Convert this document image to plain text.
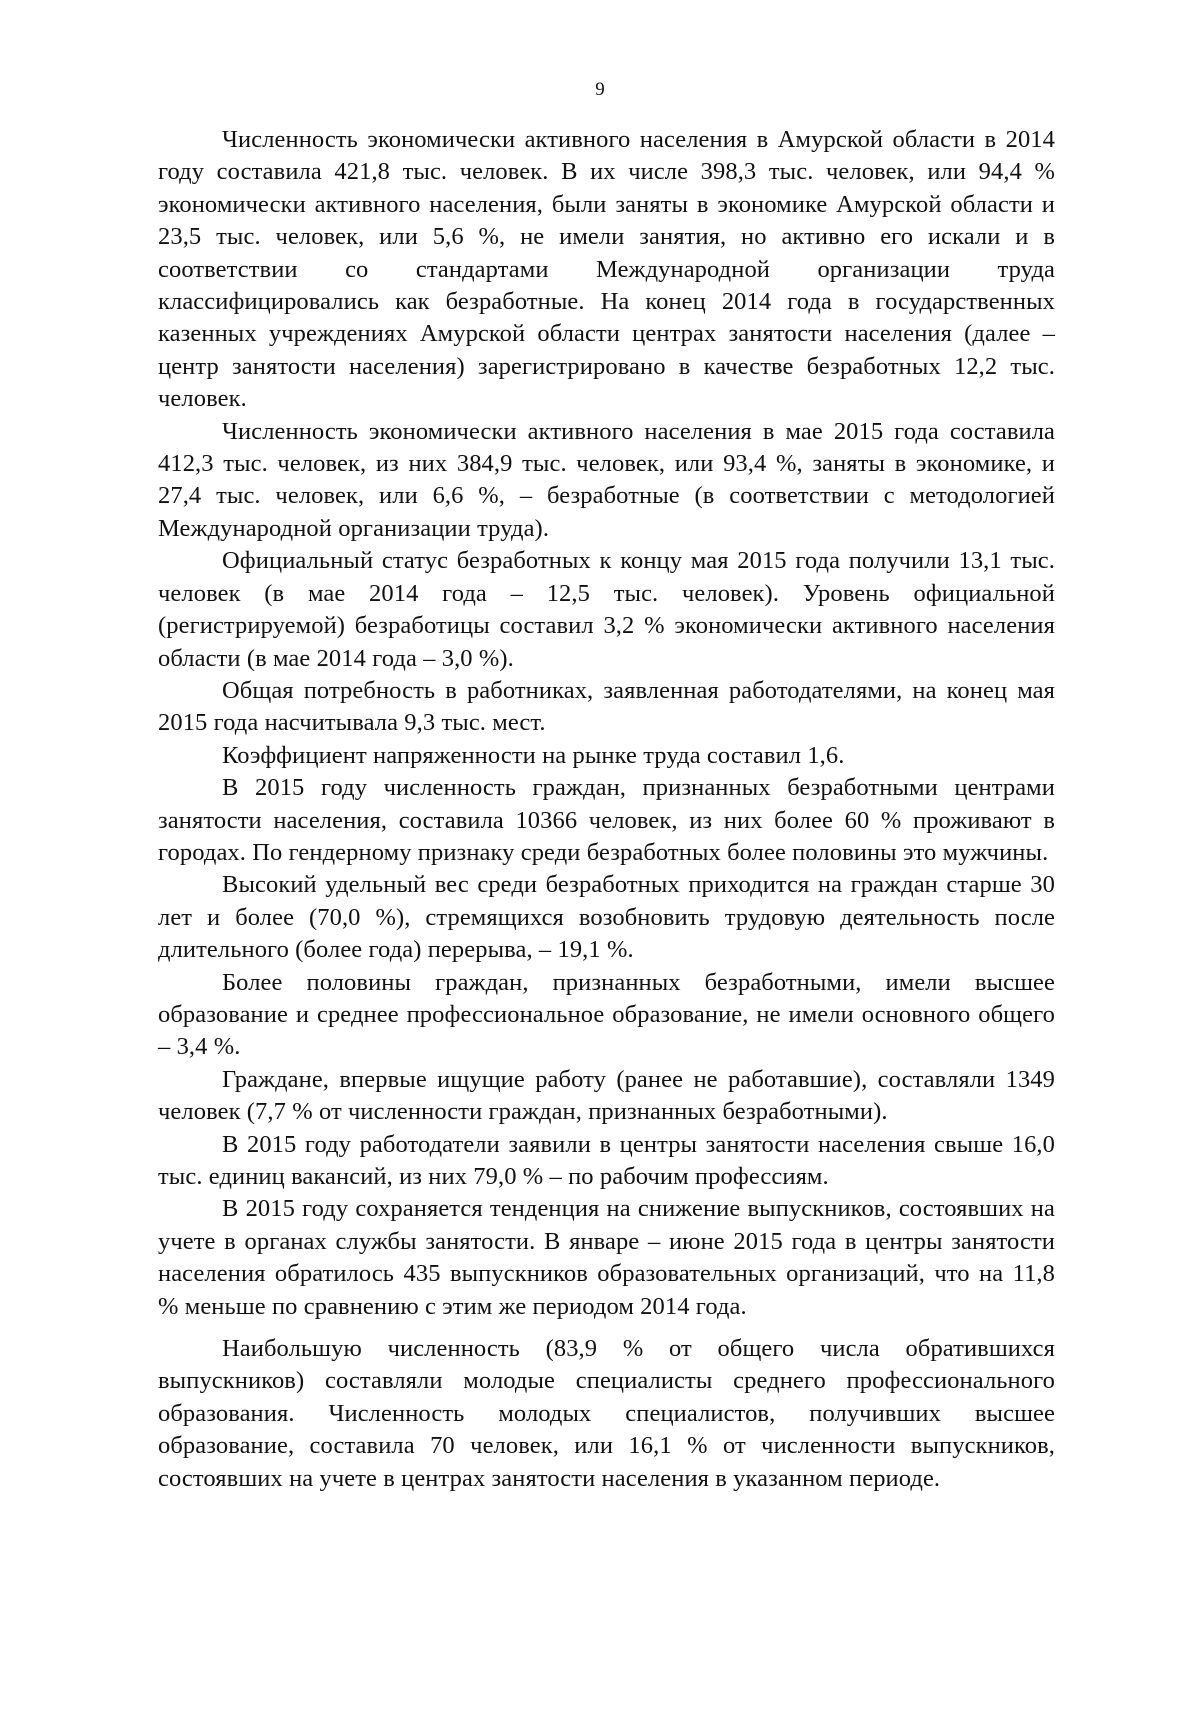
9

Численность экономически активного населения в Амурской области в 2014 году составила 421,8 тыс. человек. В их числе 398,3 тыс. человек, или 94,4 % экономически активного населения, были заняты в экономике Амурской области и 23,5 тыс. человек, или 5,6 %, не имели занятия, но активно его искали и в соответствии со стандартами Международной организации труда классифицировались как безработные. На конец 2014 года в государственных казенных учреждениях Амурской области центрах занятости населения (далее – центр занятости населения) зарегистрировано в качестве безработных 12,2 тыс. человек.

Численность экономически активного населения в мае 2015 года составила 412,3 тыс. человек, из них 384,9 тыс. человек, или 93,4 %, заняты в экономике, и 27,4 тыс. человек, или 6,6 %, – безработные (в соответствии с методологией Международной организации труда).

Официальный статус безработных к концу мая 2015 года получили 13,1 тыс. человек (в мае 2014 года – 12,5 тыс. человек). Уровень официальной (регистрируемой) безработицы составил 3,2 % экономически активного населения области (в мае 2014 года – 3,0 %).

Общая потребность в работниках, заявленная работодателями, на конец мая 2015 года насчитывала 9,3 тыс. мест.

Коэффициент напряженности на рынке труда составил 1,6.

В 2015 году численность граждан, признанных безработными центрами занятости населения, составила 10366 человек, из них более 60 % проживают в городах. По гендерному признаку среди безработных более половины это мужчины.

Высокий удельный вес среди безработных приходится на граждан старше 30 лет и более (70,0 %), стремящихся возобновить трудовую деятельность после длительного (более года) перерыва, – 19,1 %.

Более половины граждан, признанных безработными, имели высшее образование и среднее профессиональное образование, не имели основного общего – 3,4 %.

Граждане, впервые ищущие работу (ранее не работавшие), составляли 1349 человек (7,7 % от численности граждан, признанных безработными).

В 2015 году работодатели заявили в центры занятости населения свыше 16,0 тыс. единиц вакансий, из них 79,0 % – по рабочим профессиям.

В 2015 году сохраняется тенденция на снижение выпускников, состоявших на учете в органах службы занятости. В январе – июне 2015 года в центры занятости населения обратилось 435 выпускников образовательных организаций, что на 11,8 % меньше по сравнению с этим же периодом 2014 года.

Наибольшую численность (83,9 % от общего числа обратившихся выпускников) составляли молодые специалисты среднего профессионального образования. Численность молодых специалистов, получивших высшее образование, составила 70 человек, или 16,1 % от численности выпускников, состоявших на учете в центрах занятости населения в указанном периоде.
